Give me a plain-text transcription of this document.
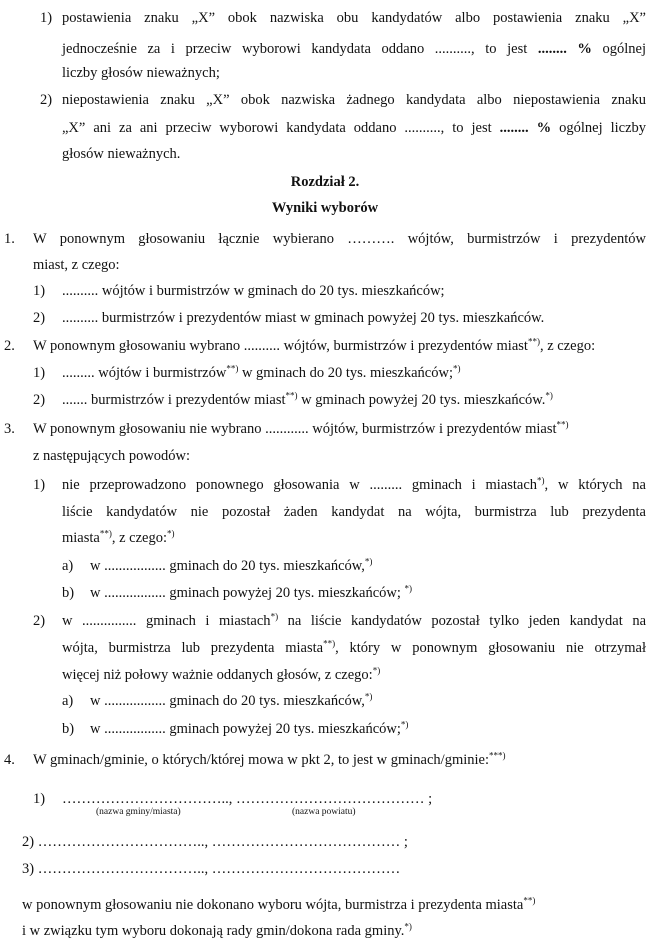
1) postawienia znaku „X” obok nazwiska obu kandydatów albo postawienia znaku „X”
jednocześnie za i przeciw wyborowi kandydata oddano .........., to jest ........ % ogólnej
liczby głosów nieważnych;
2) niepostawienia znaku „X” obok nazwiska żadnego kandydata albo niepostawienia znaku
„X” ani za ani przeciw wyborowi kandydata oddano .........., to jest ........ % ogólnej liczby
głosów nieważnych.
Rozdział 2.
Wyniki wyborów
1. W ponownym głosowaniu łącznie wybierano ………. wójtów, burmistrzów i prezydentów
miast, z czego:
1) .......... wójtów i burmistrzów w gminach do 20 tys. mieszkańców;
2) .......... burmistrzów i prezydentów miast w gminach powyżej 20 tys. mieszkańców.
2. W ponownym głosowaniu wybrano .......... wójtów, burmistrzów i prezydentów miast**), z czego:
1) ......... wójtów i burmistrzów**) w gminach do 20 tys. mieszkańców;*)
2) ....... burmistrzów i prezydentów miast**) w gminach powyżej 20 tys. mieszkańców.*)
3. W ponownym głosowaniu nie wybrano ............ wójtów, burmistrzów i prezydentów miast**)
z następujących powodów:
1) nie przeprowadzono ponownego głosowania w ......... gminach i miastach*), w których na
liście kandydatów nie pozostał żaden kandydat na wójta, burmistrza lub prezydenta
miasta**), z czego:*)
a) w ................. gminach do 20 tys. mieszkańców,*)
b) w ................. gminach powyżej 20 tys. mieszkańców; *)
2) w ............... gminach i miastach*) na liście kandydatów pozostał tylko jeden kandydat na
wójta, burmistrza lub prezydenta miasta**), który w ponownym głosowaniu nie otrzymał
więcej niż połowy ważnie oddanych głosów, z czego:*)
a) w ................. gminach do 20 tys. mieszkańców,*)
b) w ................. gminach powyżej 20 tys. mieszkańców;*)
4. W gminach/gminie, o których/której mowa w pkt 2, to jest w gminach/gminie:***)
1) …………………………….., ………………………………… ;
(nazwa gminy/miasta)	(nazwa powiatu)
2) …………………………….., ………………………………… ;
3) …………………………….., …………………………………
w ponownym głosowaniu nie dokonano wyboru wójta, burmistrza i prezydenta miasta**)
i w związku tym wyboru dokonają rady gmin/dokona rada gminy.*)
